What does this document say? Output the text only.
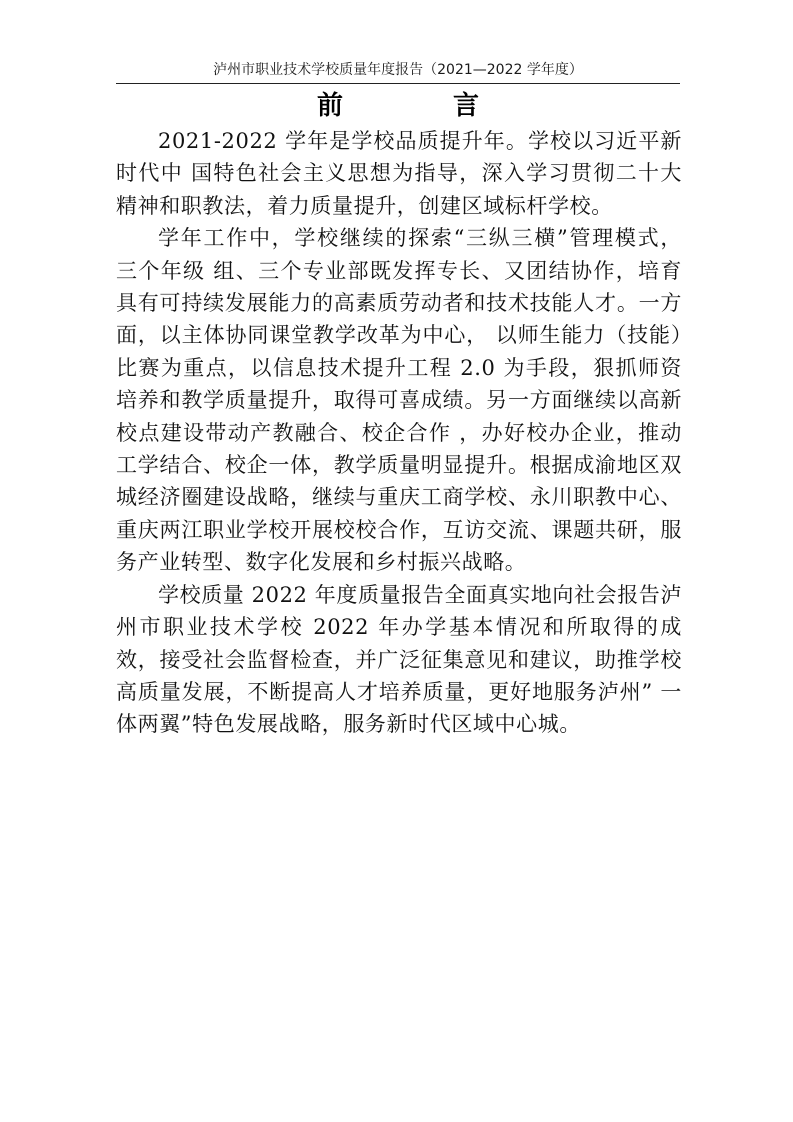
泸州市职业技术学校质量年度报告（2021—2022 学年度）
前言

2021-2022 学年是学校品质提升年。学校以习近平新时代中 国特色社会主义思想为指导，深入学习贯彻二十大精神和职教法，着力质量提升，创建区域标杆学校。

学年工作中，学校继续的探索“三纵三横”管理模式， 三个年级 组、三个专业部既发挥专长、又团结协作，培育具有可持续发展能力的高素质劳动者和技术技能人才。一方面，以主体协同课堂教学改革为中心， 以师生能力（技能）比赛为重点，以信息技术提升工程 2.0 为手段，狠抓师资培养和教学质量提升，取得可喜成绩。另一方面继续以高新校点建设带动产教融合、校企合作 ，办好校办企业，推动工学结合、校企一体，教学质量明显提升。根据成渝地区双城经济圈建设战略，继续与重庆工商学校、永川职教中心、重庆两江职业学校开展校校合作，互访交流、课题共研，服务产业转型、数字化发展和乡村振兴战略。

学校质量 2022 年度质量报告全面真实地向社会报告泸州市职业技术学校 2022 年办学基本情况和所取得的成效，接受社会监督检查，并广泛征集意见和建议，助推学校高质量发展，不断提高人才培养质量，更好地服务泸州” 一体两翼”特色发展战略，服务新时代区域中心城。
